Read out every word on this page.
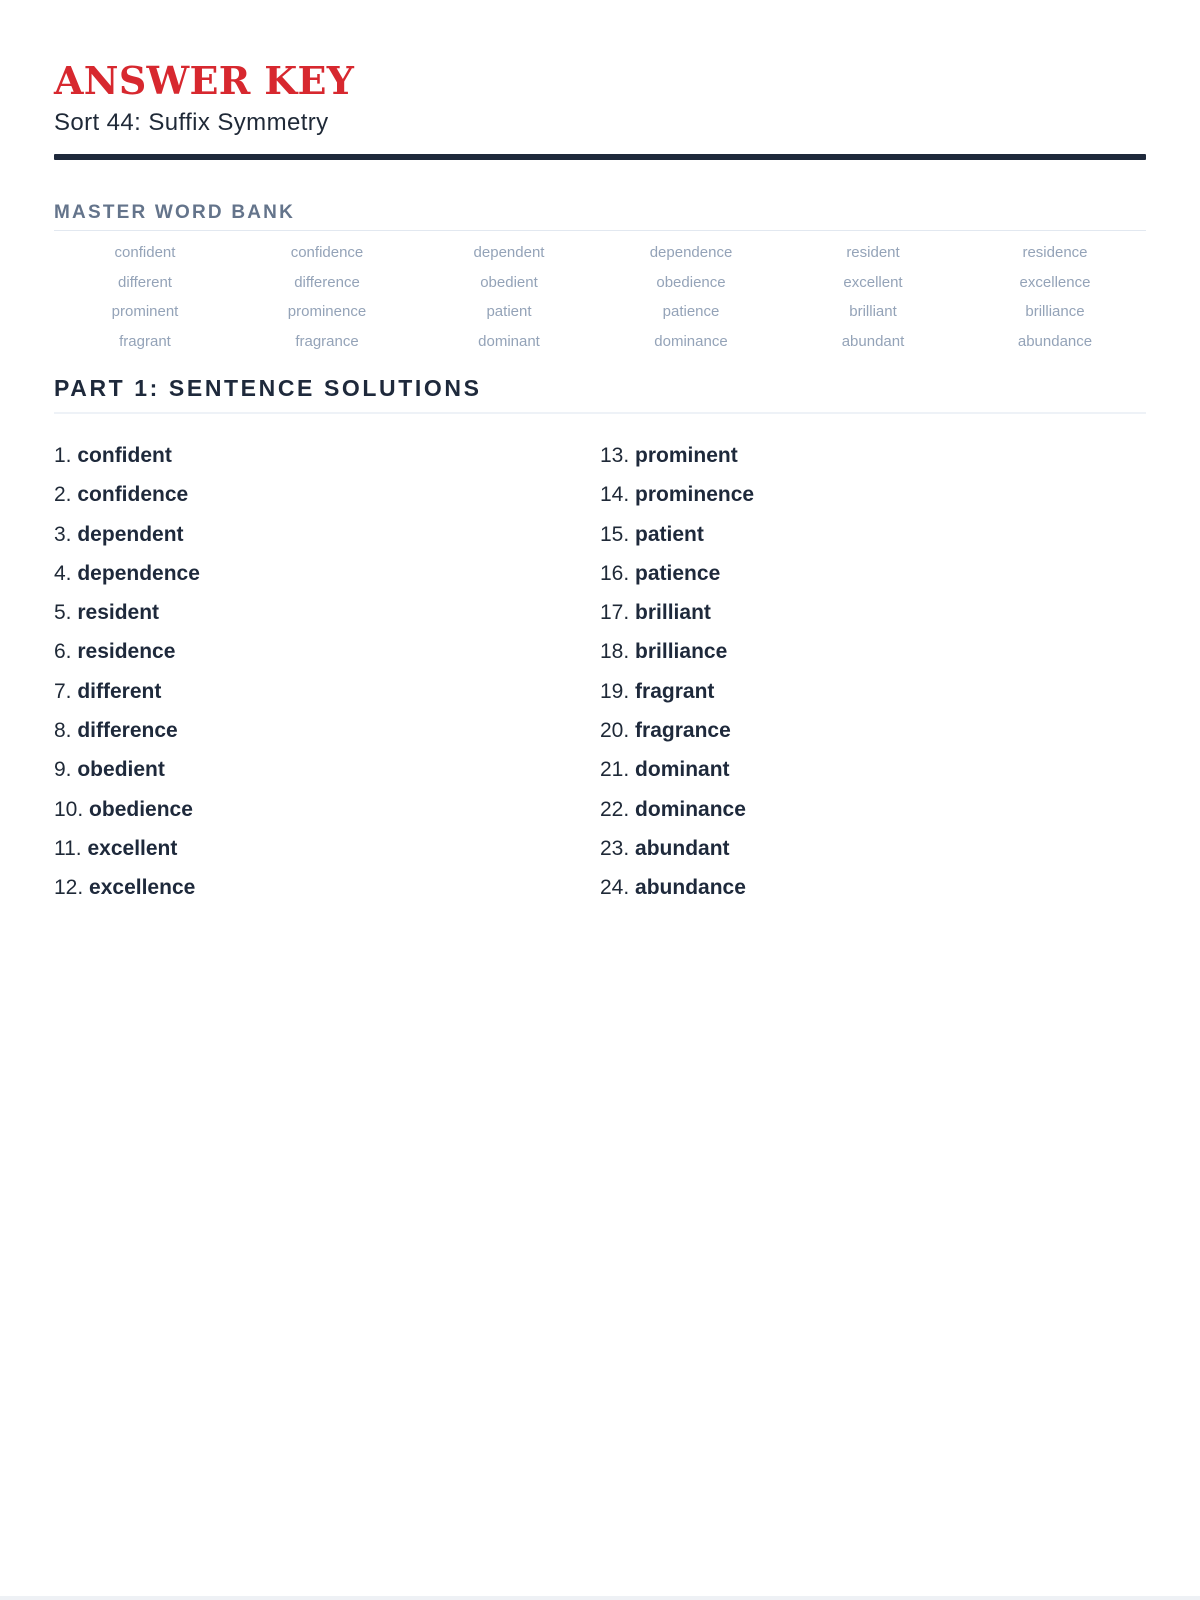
ANSWER KEY
Sort 44: Suffix Symmetry
MASTER WORD BANK
confident	confidence	dependent	dependence	resident	residence
different	difference	obedient	obedience	excellent	excellence
prominent	prominence	patient	patience	brilliant	brilliance
fragrant	fragrance	dominant	dominance	abundant	abundance
PART 1: SENTENCE SOLUTIONS
1. confident
2. confidence
3. dependent
4. dependence
5. resident
6. residence
7. different
8. difference
9. obedient
10. obedience
11. excellent
12. excellence
13. prominent
14. prominence
15. patient
16. patience
17. brilliant
18. brilliance
19. fragrant
20. fragrance
21. dominant
22. dominance
23. abundant
24. abundance
